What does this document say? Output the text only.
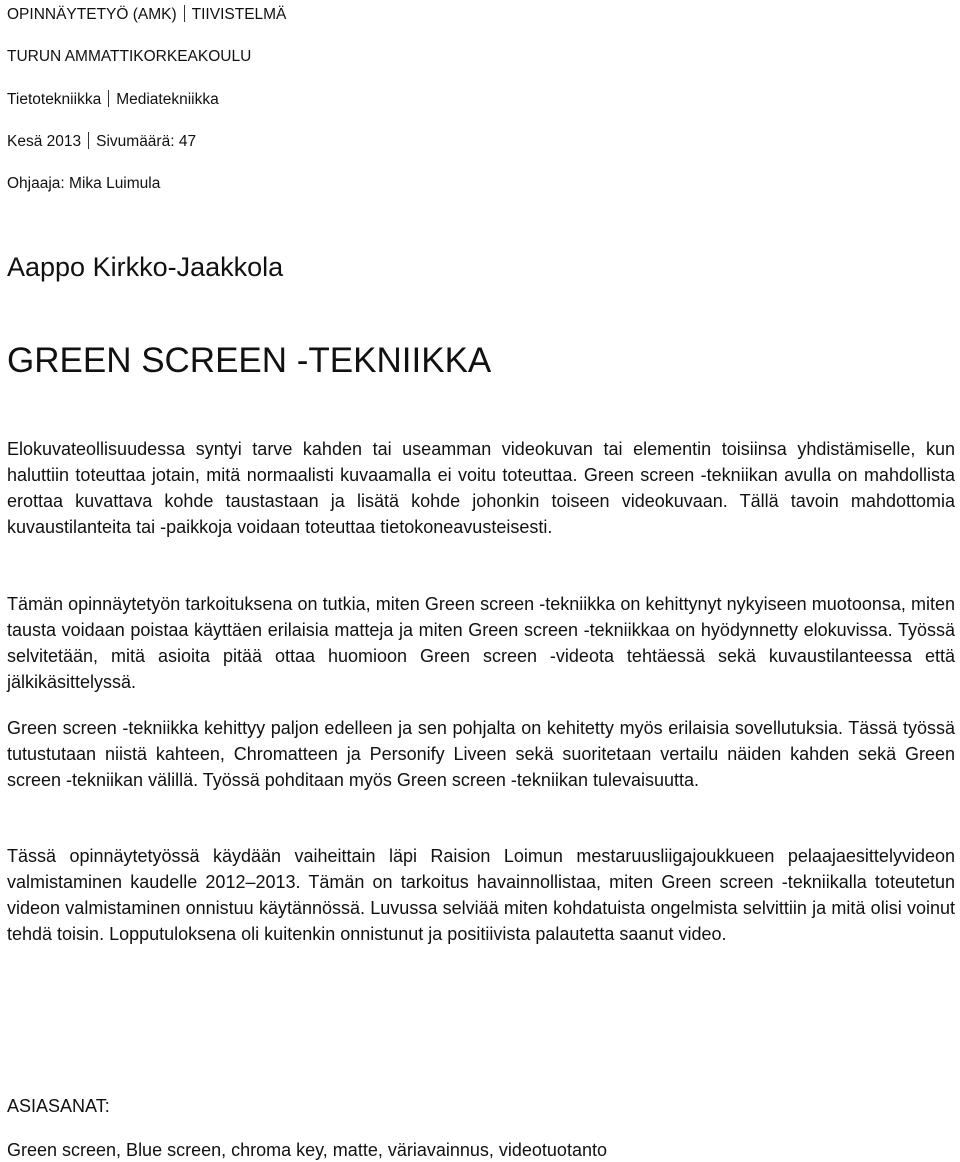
OPINNÄYTETYÖ (AMK) TIIVISTELMÄ
TURUN AMMATTIKORKEAKOULU
Tietotekniikka Mediatekniikka
Kesä 2013 Sivumäärä: 47
Ohjaaja: Mika Luimula
Aappo Kirkko-Jaakkola
GREEN SCREEN -TEKNIIKKA

Elokuvateollisuudessa syntyi tarve kahden tai useamman videokuvan tai elementin toisiinsa yhdistämiselle, kun haluttiin toteuttaa jotain, mitä normaalisti kuvaamalla ei voitu toteuttaa. Green screen -tekniikan avulla on mahdollista erottaa kuvattava kohde taustastaan ja lisätä kohde johonkin toiseen videokuvaan. Tällä tavoin mahdottomia kuvaustilanteita tai -paikkoja voidaan toteuttaa tietokoneavusteisesti.

Tämän opinnäytetyön tarkoituksena on tutkia, miten Green screen -tekniikka on kehittynyt nykyiseen muotoonsa, miten tausta voidaan poistaa käyttäen erilaisia matteja ja miten Green screen -tekniikkaa on hyödynnetty elokuvissa. Työssä selvitetään, mitä asioita pitää ottaa huomioon Green screen -videota tehtäessä sekä kuvaustilanteessa että jälkikäsittelyssä.

Green screen -tekniikka kehittyy paljon edelleen ja sen pohjalta on kehitetty myös erilaisia sovellutuksia. Tässä työssä tutustutaan niistä kahteen, Chromatteen ja Personify Liveen sekä suoritetaan vertailu näiden kahden sekä Green screen -tekniikan välillä. Työssä pohditaan myös Green screen -tekniikan tulevaisuutta.

Tässä opinnäytetyössä käydään vaiheittain läpi Raision Loimun mestaruusliigajoukkueen pelaajaesittelyvideon valmistaminen kaudelle 2012–2013. Tämän on tarkoitus havainnollistaa, miten Green screen -tekniikalla toteutetun videon valmistaminen onnistuu käytännössä. Luvussa selviää miten kohdatuista ongelmista selvittiin ja mitä olisi voinut tehdä toisin. Lopputuloksena oli kuitenkin onnistunut ja positiivista palautetta saanut video.

ASIASANAT:
Green screen, Blue screen, chroma key, matte, väriavainnus, videotuotanto
